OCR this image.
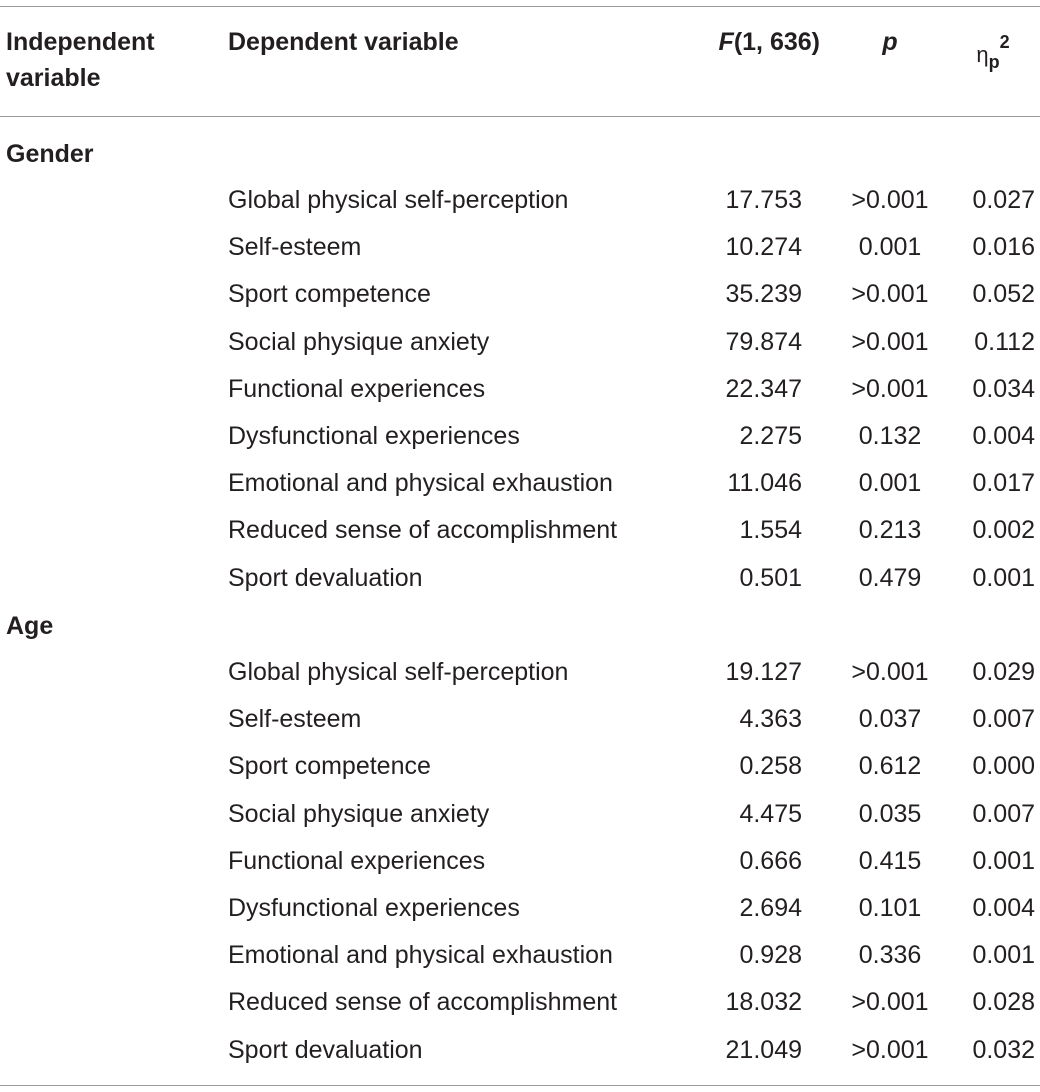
Independent variable
Dependent variable	F(1, 636)	p	$\eta_p^2$
Gender
Global physical self-perception	17.753	>0.001	0.027
Self-esteem	10.274	0.001	0.016
Sport competence	35.239	>0.001	0.052
Social physique anxiety	79.874	>0.001	0.112
Functional experiences	22.347	>0.001	0.034
Dysfunctional experiences	2.275	0.132	0.004
Emotional and physical exhaustion	11.046	0.001	0.017
Reduced sense of accomplishment	1.554	0.213	0.002
Sport devaluation	0.501	0.479	0.001
Age
Global physical self-perception	19.127	>0.001	0.029
Self-esteem	4.363	0.037	0.007
Sport competence	0.258	0.612	0.000
Social physique anxiety	4.475	0.035	0.007
Functional experiences	0.666	0.415	0.001
Dysfunctional experiences	2.694	0.101	0.004
Emotional and physical exhaustion	0.928	0.336	0.001
Reduced sense of accomplishment	18.032	>0.001	0.028
Sport devaluation	21.049	>0.001	0.032
